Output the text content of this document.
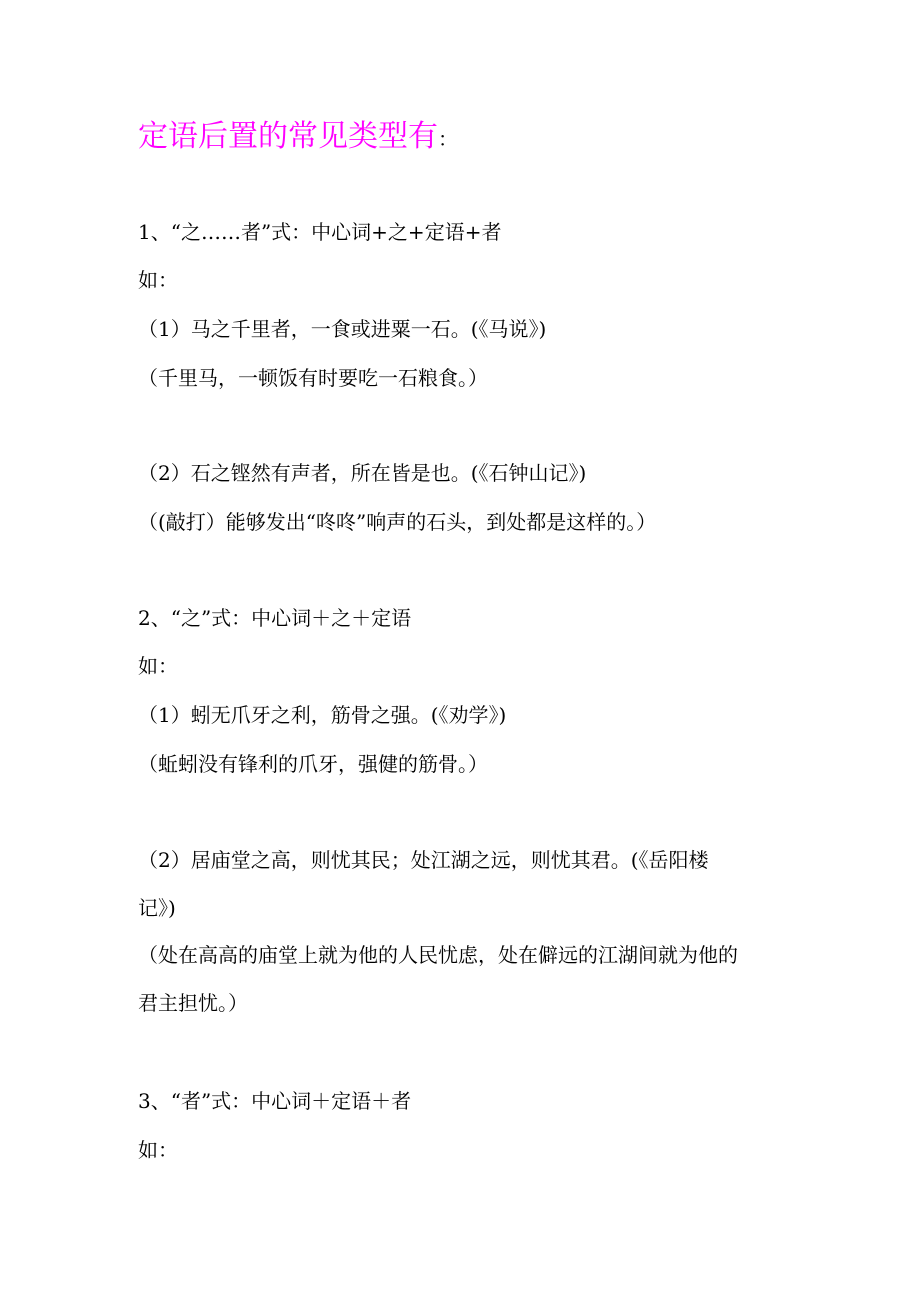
定语后置的常见类型有：
1、“之……者”式：中心词+之+定语+者
如：
（1）马之千里者，一食或进粟一石。(《马说》)
（千里马，一顿饭有时要吃一石粮食。）
（2）石之铿然有声者，所在皆是也。(《石钟山记》)
（(敲打）能够发出“咚咚”响声的石头，到处都是这样的。）
2、“之”式：中心词＋之＋定语
如：
（1）蚓无爪牙之利，筋骨之强。(《劝学》)
（蚯蚓没有锋利的爪牙，强健的筋骨。）
（2）居庙堂之高，则忧其民；处江湖之远，则忧其君。(《岳阳楼
记》)
（处在高高的庙堂上就为他的人民忧虑，处在僻远的江湖间就为他的
君主担忧。）
3、“者”式：中心词＋定语＋者
如：
